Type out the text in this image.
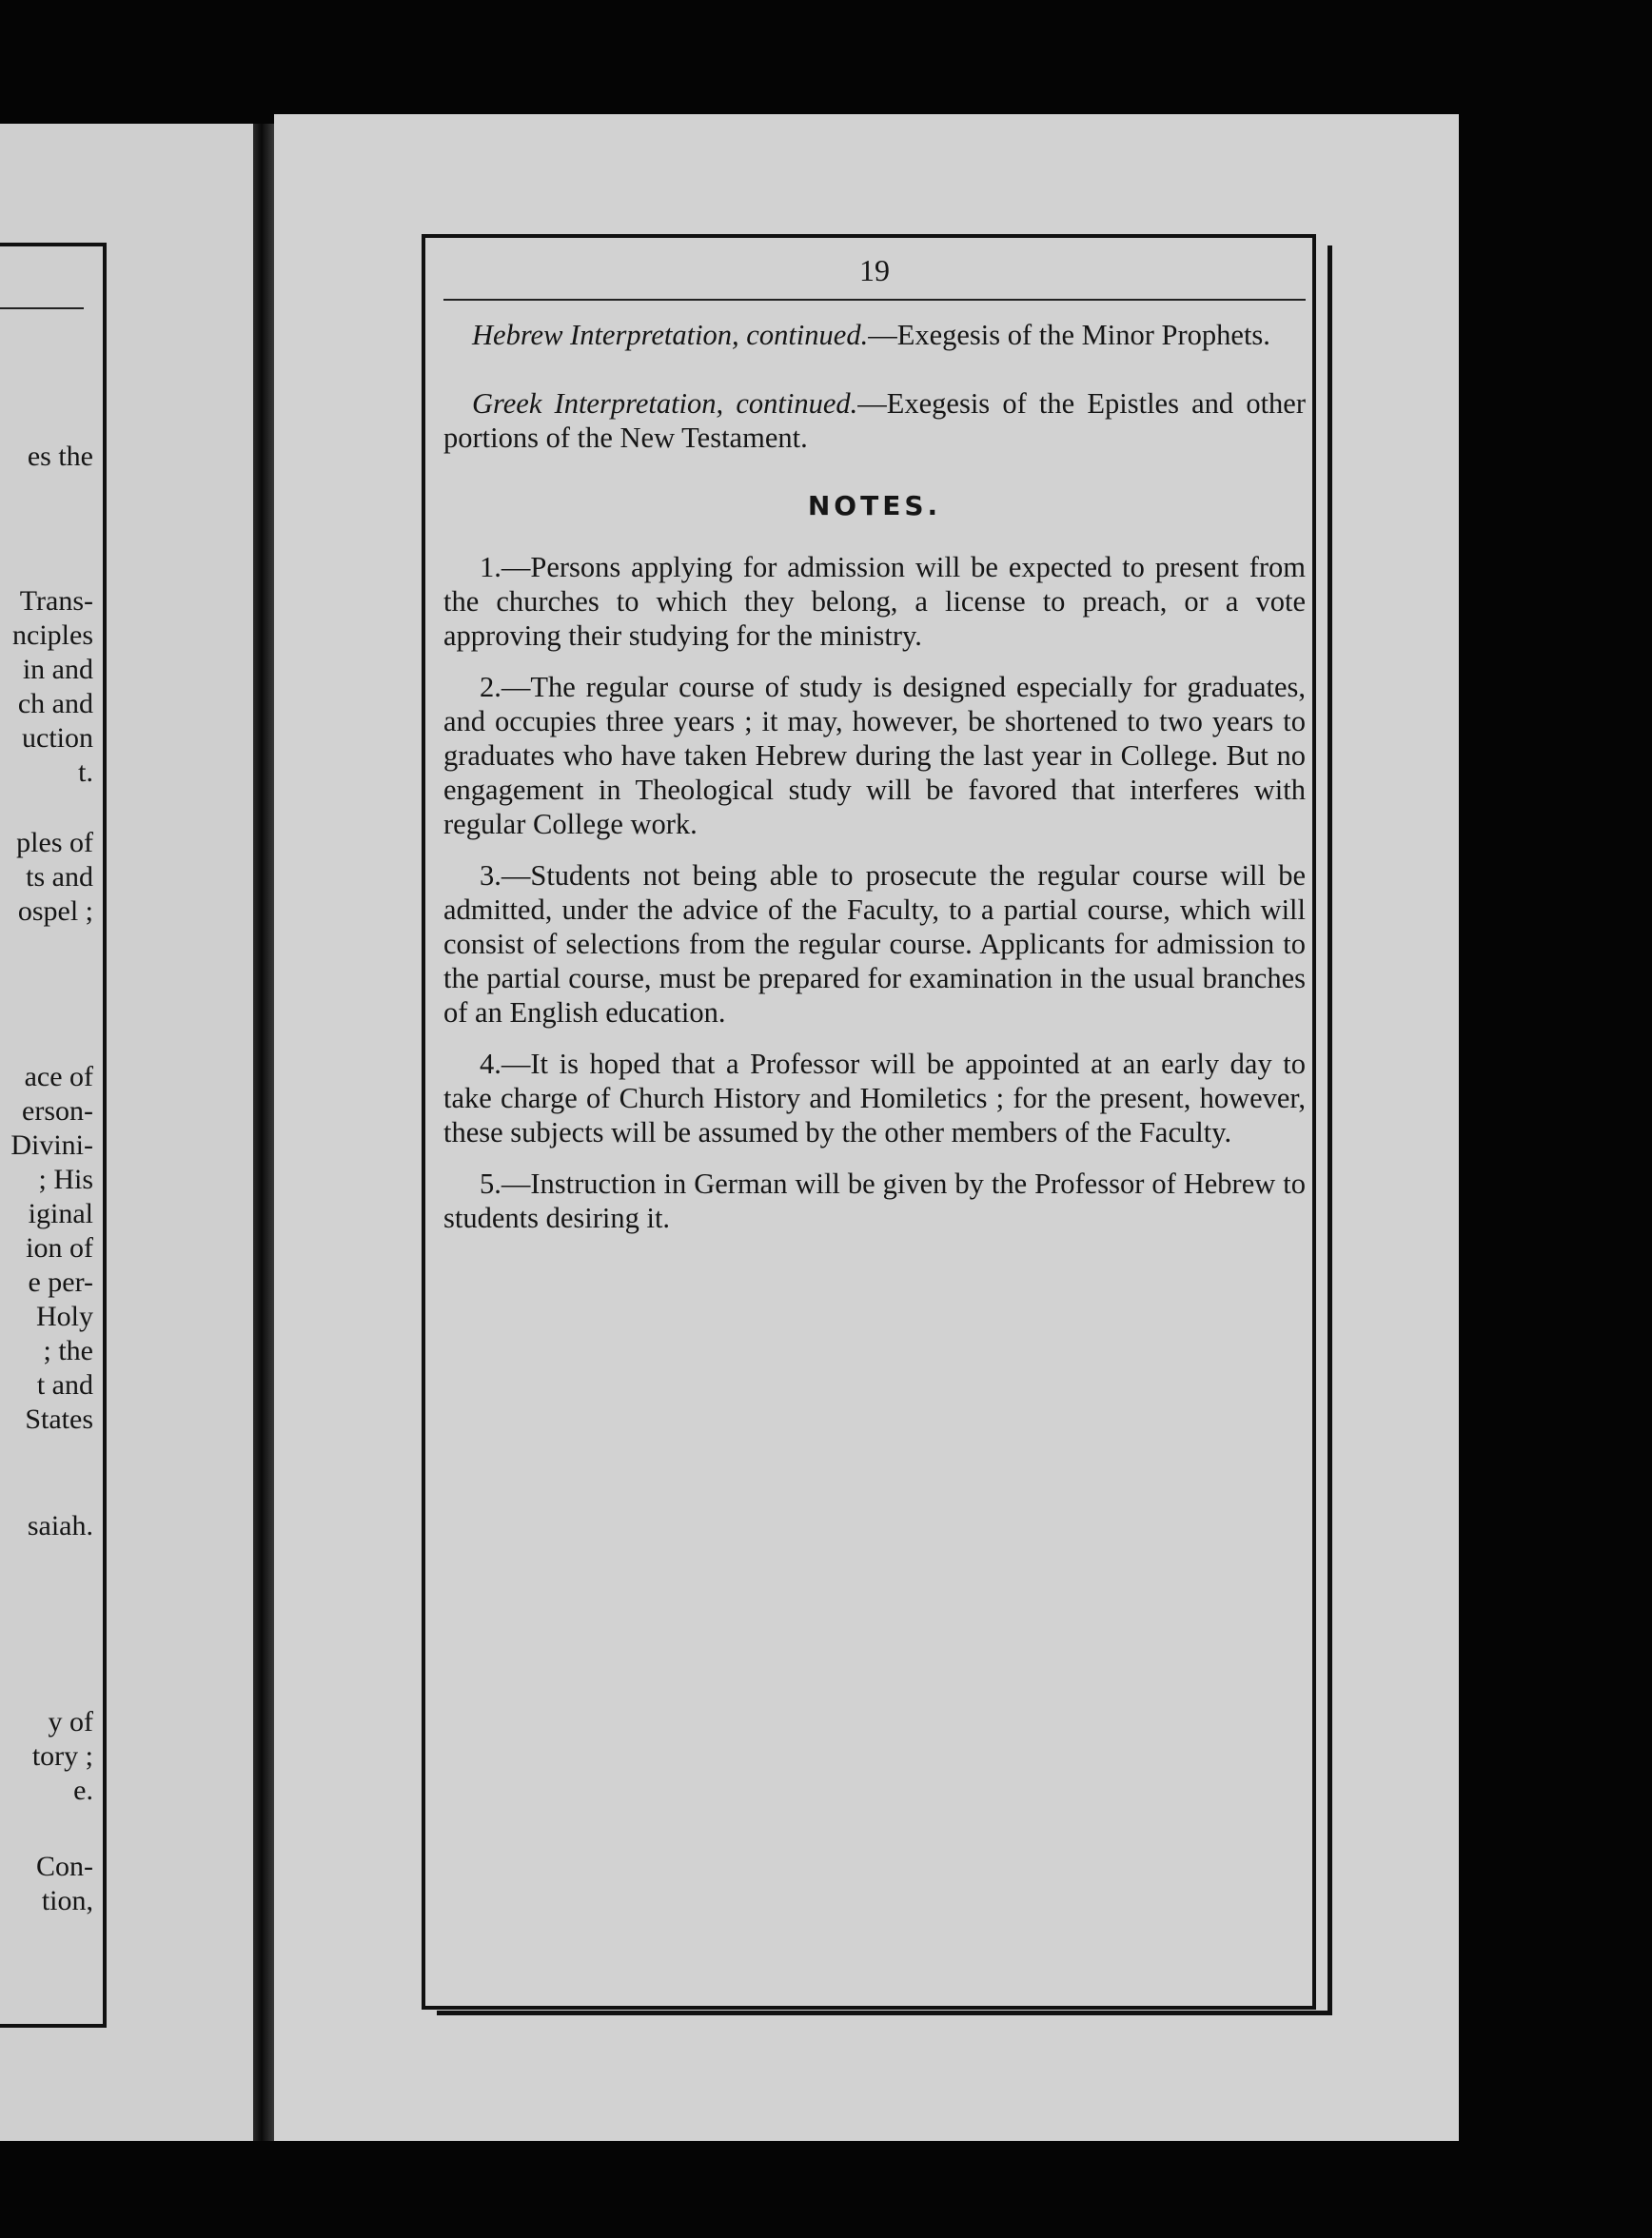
es the
Trans-
nciples
in and
ch and
uction
t.
ples of
ts and
ospel ;
ace of
erson-
Divini-
; His
iginal
ion of
e per-
Holy
; the
t and
States
saiah.
y of
tory ;
e.
Con-
tion,
19

Hebrew Interpretation, continued.—Exegesis of the Minor Prophets.

Greek Interpretation, continued.—Exegesis of the Epistles and other portions of the New Testament.

NOTES.

1.—Persons applying for admission will be expected to present from the churches to which they belong, a license to preach, or a vote approving their studying for the ministry.

2.—The regular course of study is designed especially for graduates, and occupies three years ; it may, however, be shortened to two years to graduates who have taken Hebrew during the last year in College. But no engagement in Theological study will be favored that interferes with regular College work.

3.—Students not being able to prosecute the regular course will be admitted, under the advice of the Faculty, to a partial course, which will consist of selections from the regular course. Applicants for admission to the partial course, must be prepared for examination in the usual branches of an English education.

4.—It is hoped that a Professor will be appointed at an early day to take charge of Church History and Homiletics ; for the present, however, these subjects will be assumed by the other members of the Faculty.

5.—Instruction in German will be given by the Professor of Hebrew to students desiring it.
